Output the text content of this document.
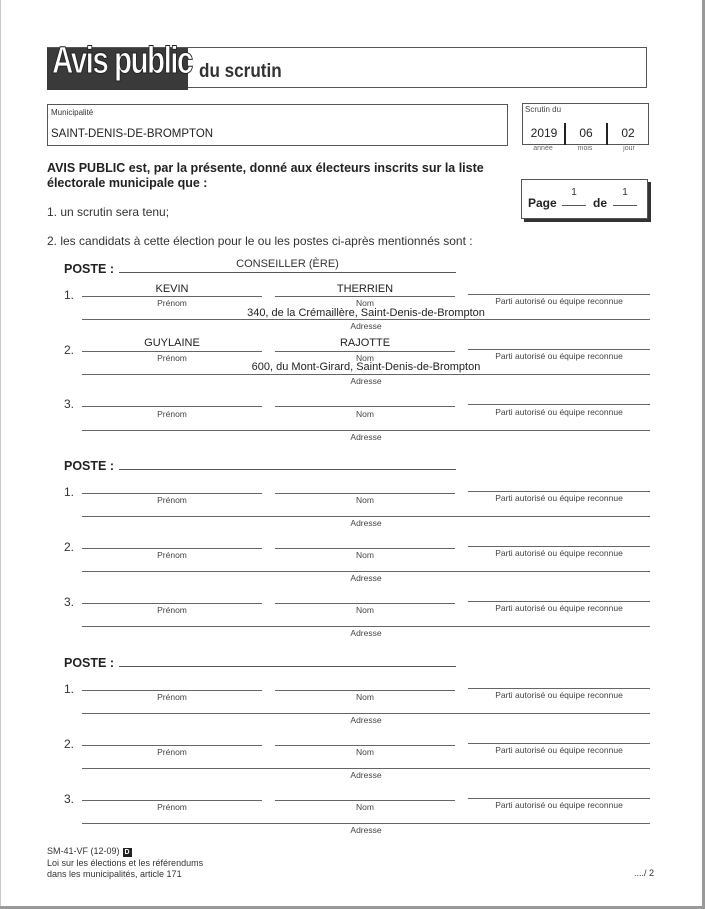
Avis public du scrutin
Municipalité
SAINT-DENIS-DE-BROMPTON
Scrutin du
2019	06	02
année	mois	jour
AVIS PUBLIC est, par la présente, donné aux électeurs inscrits sur la liste électorale municipale que :
1. un scrutin sera tenu;
2. les candidats à cette élection pour le ou les postes ci-après mentionnés sont :
Page
1
de
1
POSTE :	CONSEILLER (ÈRE)
1.	KEVIN	THERRIEN
Prénom	Nom	Parti autorisé ou équipe reconnue
340, de la Crémaillère, Saint-Denis-de-Brompton
Adresse
2.	GUYLAINE	RAJOTTE
Prénom	Nom	Parti autorisé ou équipe reconnue
600, du Mont-Girard, Saint-Denis-de-Brompton
Adresse
3.
Prénom	Nom	Parti autorisé ou équipe reconnue
Adresse
POSTE :
1.
Prénom	Nom	Parti autorisé ou équipe reconnue
Adresse
2.
Prénom	Nom	Parti autorisé ou équipe reconnue
Adresse
3.
Prénom	Nom	Parti autorisé ou équipe reconnue
Adresse
POSTE :
1.
Prénom	Nom	Parti autorisé ou équipe reconnue
Adresse
2.
Prénom	Nom	Parti autorisé ou équipe reconnue
Adresse
3.
Prénom	Nom	Parti autorisé ou équipe reconnue
Adresse
SM-41-VF (12-09) D
Loi sur les élections et les référendums
dans les municipalités, article 171	..../ 2
